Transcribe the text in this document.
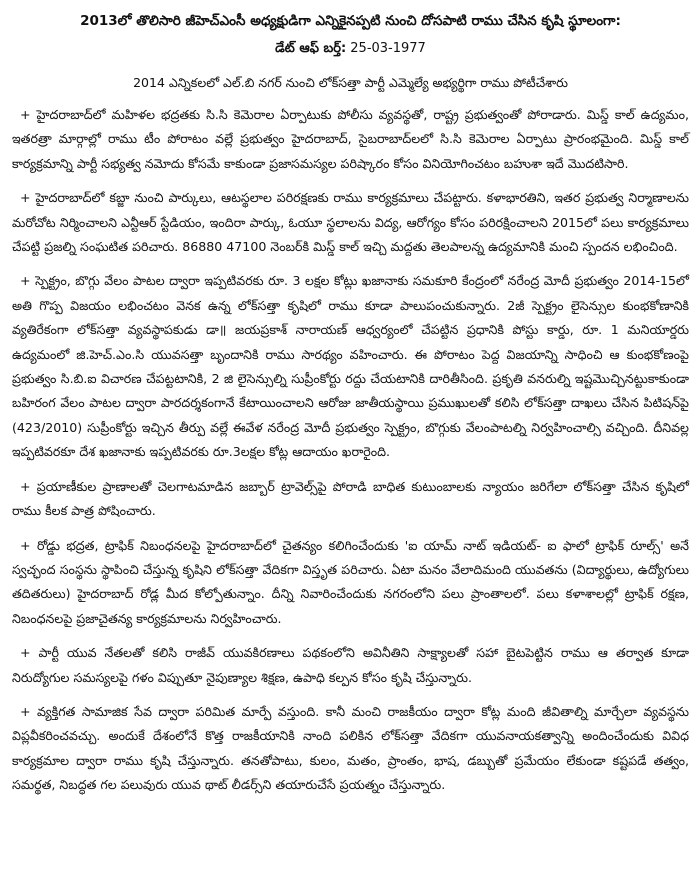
2013లో తొలిసారి జీహెచ్ఎంసీ అధ్యక్షుడిగా ఎన్నికైనప్పటి నుంచి దోసపాటి రాము చేసిన కృషి స్థూలంగా:
డేట్ ఆఫ్ బర్త్: 25-03-1977
2014 ఎన్నికలలో ఎల్.బి నగర్ నుంచి లోక్‌సత్తా పార్టీ ఎమ్మెల్యే అభ్యర్థిగా రాము పోటీచేశారు

+ హైదరాబాద్‌లో మహిళల భద్రతకు సి.సి కెమెరాల ఏర్పాటుకు పోలీసు వ్యవస్థతో, రాష్ట్ర ప్రభుత్వంతో పోరాడారు. మిస్డ్ కాల్ ఉద్యమం, ఇతరత్రా మార్గాల్లో రాము టీం పోరాటం వల్లే ప్రభుత్వం హైదరాబాద్, సైబరాబాద్‌లలో సి.సి కెమెరాల ఏర్పాటు ప్రారంభమైంది. మిస్డ్ కాల్ కార్యక్రమాన్ని పార్టీ సభ్యత్వ నమోదు కోసమే కాకుండా ప్రజాసమస్యల పరిష్కారం కోసం వినియోగించటం బహుశా ఇదే మొదటిసారి.

+ హైదరాబాద్‌లో కబ్జా నుంచి పార్కులు, ఆటస్థలాల పరిరక్షణకు రాము కార్యక్రమాలు చేపట్టారు. కళాభారతిని, ఇతర ప్రభుత్వ నిర్మాణాలను మరోచోట నిర్మించాలని ఎన్టీఆర్ స్టేడియం, ఇందిరా పార్కు, ఓయూ స్థలాలను విద్య, ఆరోగ్యం కోసం పరిరక్షించాలని 2015లో పలు కార్యక్రమాలు చేపట్టి ప్రజల్ని సంఘటిత పరిచారు. 86880 47100 నెంబర్‌కి మిస్డ్ కాల్ ఇచ్చి మద్దతు తెలపాలన్న ఉద్యమానికి మంచి స్పందన లభించింది.

+ స్పెక్ట్రం, బొగ్గు వేలం పాటల ద్వారా ఇప్పటివరకు రూ. 3 లక్షల కోట్లు ఖజానాకు సమకూరి కేంద్రంలో నరేంద్ర మోదీ ప్రభుత్వం 2014-15లో అతి గొప్ప విజయం లభించటం వెనక ఉన్న లోక్‌సత్తా కృషిలో రాము కూడా పాలుపంచుకున్నారు. 2జీ స్పెక్ట్రం లైసెన్సుల కుంభకోణానికి వ్యతిరేకంగా లోక్‌సత్తా వ్యవస్థాపకుడు డా॥ జయప్రకాశ్ నారాయణ్ ఆధ్వర్యంలో చేపట్టిన ప్రధానికి పోస్టు కార్డు, రూ. 1 మనియార్డరు ఉద్యమంలో జి.హెచ్.ఎం.సి యువసత్తా బృందానికి రాము సారథ్యం వహించారు. ఈ పోరాటం పెద్ద విజయాన్ని సాధించి ఆ కుంభకోణంపై ప్రభుత్వం సి.బి.ఐ విచారణ చేపట్టటానికి, 2 జి లైసెన్సుల్ని సుప్రీంకోర్టు రద్దు చేయటానికి దారితీసింది. ప్రకృతి వనరుల్ని ఇష్టమొచ్చినట్టుకాకుండా బహిరంగ వేలం పాటల ద్వారా పారదర్శకంగానే కేటాయించాలని ఆరోజు జాతీయస్థాయి ప్రముఖులతో కలిసి లోక్‌సత్తా దాఖలు చేసిన పిటిషన్‌పై (423/2010) సుప్రీంకోర్టు ఇచ్చిన తీర్పు వల్లే ఈవేళ నరేంద్ర మోదీ ప్రభుత్వం స్పెక్ట్రం, బొగ్గుకు వేలంపాటల్ని నిర్వహించాల్సి వచ్చింది. దీనివల్ల ఇప్పటివరకూ దేశ ఖజానాకు ఇప్పటివరకు రూ.3లక్షల కోట్ల ఆదాయం ఖరారైంది.

+ ప్రయాణీకుల ప్రాణాలతో చెలగాటమాడిన జబ్బార్ ట్రావెల్స్‌పై పోరాడి బాధిత కుటుంబాలకు న్యాయం జరిగేలా లోక్‌సత్తా చేసిన కృషిలో రాము కీలక పాత్ర పోషించారు.

+ రోడ్డు భద్రత, ట్రాఫిక్ నిబంధనలపై హైదరాబాద్‌లో చైతన్యం కలిగించేందుకు 'ఐ యామ్ నాట్ ఇడియట్- ఐ ఫాలో ట్రాఫిక్ రూల్స్' అనే స్వచ్ఛంద సంస్థను స్థాపించి చేస్తున్న కృషిని లోక్‌సత్తా వేదికగా విస్తృత పరిచారు. ఏటా మనం వేలాదిమంది యువతను (విద్యార్థులు, ఉద్యోగులు తదితరులు) హైదరాబాద్ రోడ్ల మీద కోల్పోతున్నాం. దీన్ని నివారించేందుకు నగరంలోని పలు ప్రాంతాలలో. పలు కళాశాలల్లో ట్రాఫిక్ రక్షణ, నిబంధనలపై ప్రజాచైతన్య కార్యక్రమాలను నిర్వహించారు.

+ పార్టీ యువ నేతలతో కలిసి రాజీవ్ యువకిరణాలు పథకంలోని అవినీతిని సాక్ష్యాలతో సహా బైటపెట్టిన రాము ఆ తర్వాత కూడా నిరుద్యోగుల సమస్యలపై గళం విప్పుతూ నైపుణ్యాల శిక్షణ, ఉపాధి కల్పన కోసం కృషి చేస్తున్నారు.

+ వ్యక్తిగత సామాజిక సేవ ద్వారా పరిమిత మార్పే వస్తుంది. కానీ మంచి రాజకీయం ద్వారా కోట్ల మంది జీవితాల్ని మార్చేలా వ్యవస్థను విప్లవీకరించవచ్చు. అందుకే దేశంలోనే కొత్త రాజకీయానికి నాంది పలికిన లోక్‌సత్తా వేదికగా యువనాయకత్వాన్ని అందించేందుకు వివిధ కార్యక్రమాల ద్వారా రాము కృషి చేస్తున్నారు. తనతోపాటు, కులం, మతం, ప్రాంతం, భాష, డబ్బుతో ప్రమేయం లేకుండా కష్టపడే తత్వం, సమర్థత, నిబద్ధత గల పలువురు యువ థాట్ లీడర్స్‌ని తయారుచేసే ప్రయత్నం చేస్తున్నారు.
